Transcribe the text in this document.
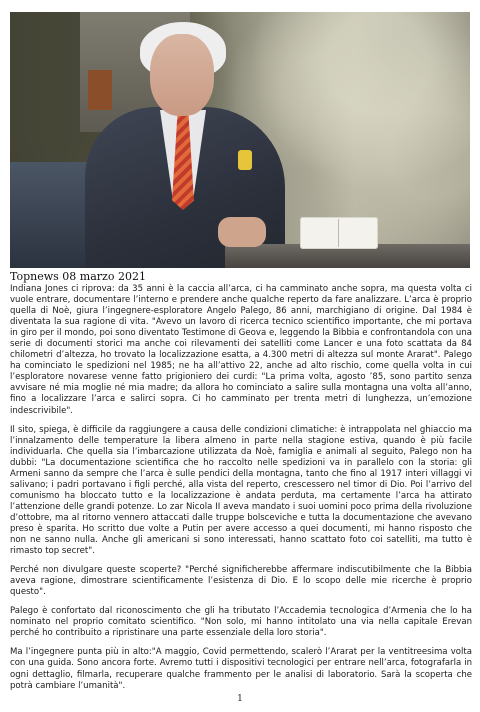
Topnews 08 marzo 2021

Indiana Jones ci riprova: da 35 anni è la caccia all’arca, ci ha camminato anche sopra, ma questa volta ci vuole entrare, documentare l’interno e prendere anche qualche reperto da fare analizzare. L’arca è proprio quella di Noè, giura l’ingegnere-esploratore Angelo Palego, 86 anni, marchigiano di origine. Dal 1984 è diventata la sua ragione di vita. "Avevo un lavoro di ricerca tecnico scientifico importante, che mi portava in giro per il mondo, poi sono diventato Testimone di Geova e, leggendo la Bibbia e confrontandola con una serie di documenti storici ma anche coi rilevamenti dei satelliti come Lancer e una foto scattata da 84 chilometri d’altezza, ho trovato la localizzazione esatta, a 4.300 metri di altezza sul monte Ararat". Palego ha cominciato le spedizioni nel 1985; ne ha all’attivo 22, anche ad alto rischio, come quella volta in cui l’esploratore novarese venne fatto prigioniero dei curdi: "La prima volta, agosto ’85, sono partito senza avvisare né mia moglie né mia madre; da allora ho cominciato a salire sulla montagna una volta all’anno, fino a localizzare l’arca e salirci sopra. Ci ho camminato per trenta metri di lunghezza, un’emozione indescrivibile".

Il sito, spiega, è difficile da raggiungere a causa delle condizioni climatiche: è intrappolata nel ghiaccio ma l’innalzamento delle temperature la libera almeno in parte nella stagione estiva, quando è più facile individuarla. Che quella sia l’imbarcazione utilizzata da Noè, famiglia e animali al seguito, Palego non ha dubbi: "La documentazione scientifica che ho raccolto nelle spedizioni va in parallelo con la storia: gli Armeni sanno da sempre che l’arca è sulle pendici della montagna, tanto che fino al 1917 interi villaggi vi salivano; i padri portavano i figli perché, alla vista del reperto, crescessero nel timor di Dio. Poi l’arrivo del comunismo ha bloccato tutto e la localizzazione è andata perduta, ma certamente l’arca ha attirato l’attenzione delle grandi potenze. Lo zar Nicola II aveva mandato i suoi uomini poco prima della rivoluzione d’ottobre, ma al ritorno vennero attaccati dalle truppe bolsceviche e tutta la documentazione che avevano preso è sparita. Ho scritto due volte a Putin per avere accesso a quei documenti, mi hanno risposto che non ne sanno nulla. Anche gli americani si sono interessati, hanno scattato foto coi satelliti, ma tutto è rimasto top secret".

Perché non divulgare queste scoperte? "Perché significherebbe affermare indiscutibilmente che la Bibbia aveva ragione, dimostrare scientificamente l’esistenza di Dio. E lo scopo delle mie ricerche è proprio questo".

Palego è confortato dal riconoscimento che gli ha tributato l’Accademia tecnologica d’Armenia che lo ha nominato nel proprio comitato scientifico. "Non solo, mi hanno intitolato una via nella capitale Erevan perché ho contribuito a ripristinare una parte essenziale della loro storia".

Ma l’ingegnere punta più in alto:"A maggio, Covid permettendo, scalerò l’Ararat per la ventitreesima volta con una guida. Sono ancora forte. Avremo tutti i dispositivi tecnologici per entrare nell’arca, fotografarla in ogni dettaglio, filmarla, recuperare qualche frammento per le analisi di laboratorio. Sarà la scoperta che potrà cambiare l’umanità".

1
